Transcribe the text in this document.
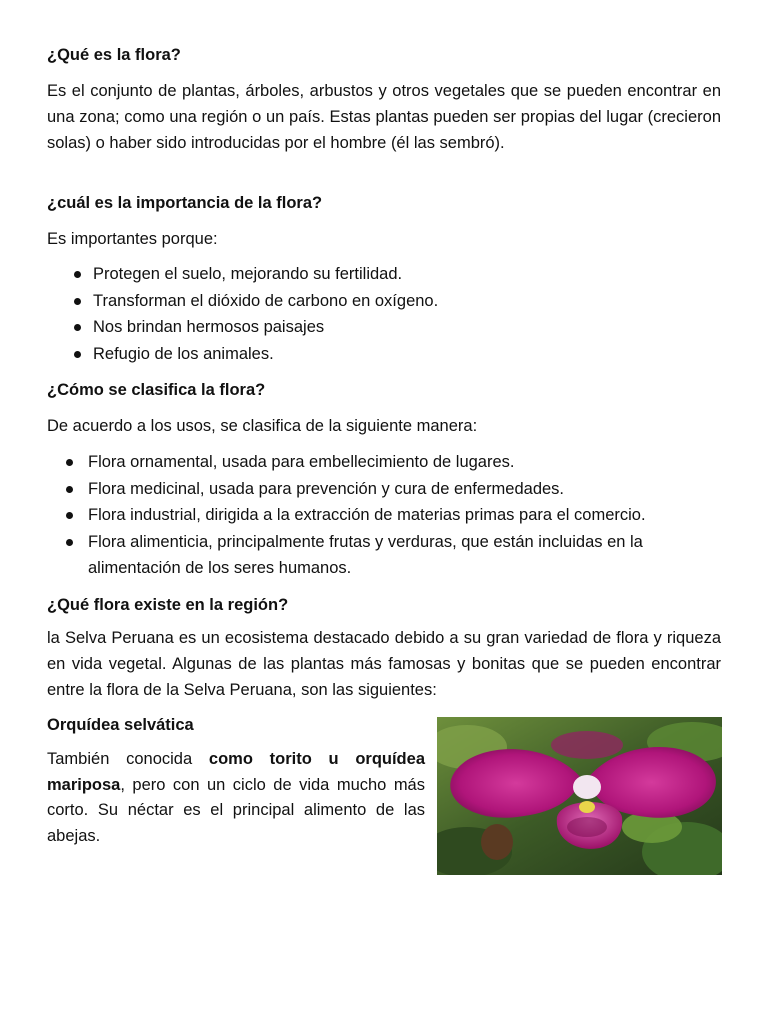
¿Qué es la flora?

Es el conjunto de plantas, árboles, arbustos y otros vegetales que se pueden encontrar en una zona; como una región o un país. Estas plantas pueden ser propias del lugar (crecieron solas) o haber sido introducidas por el hombre (él las sembró).

¿cuál es la importancia de la flora?

Es importantes porque:

Protegen el suelo, mejorando su fertilidad.
Transforman el dióxido de carbono en oxígeno.
Nos brindan hermosos paisajes
Refugio de los animales.
¿Cómo se clasifica la flora?

De acuerdo a los usos, se clasifica de la siguiente manera:

Flora ornamental, usada para embellecimiento de lugares.
Flora medicinal, usada para prevención y cura de enfermedades.
Flora industrial, dirigida a la extracción de materias primas para el comercio.
Flora alimenticia, principalmente frutas y verduras, que están incluidas en la alimentación de los seres humanos.
¿Qué flora existe en la región?

la Selva Peruana es un ecosistema destacado debido a su gran variedad de flora y riqueza en vida vegetal. Algunas de las plantas más famosas y bonitas que se pueden encontrar entre la flora de la Selva Peruana, son las siguientes:

Orquídea selvática

También conocida como torito u orquídea mariposa, pero con un ciclo de vida mucho más corto. Su néctar es el principal alimento de las abejas.
